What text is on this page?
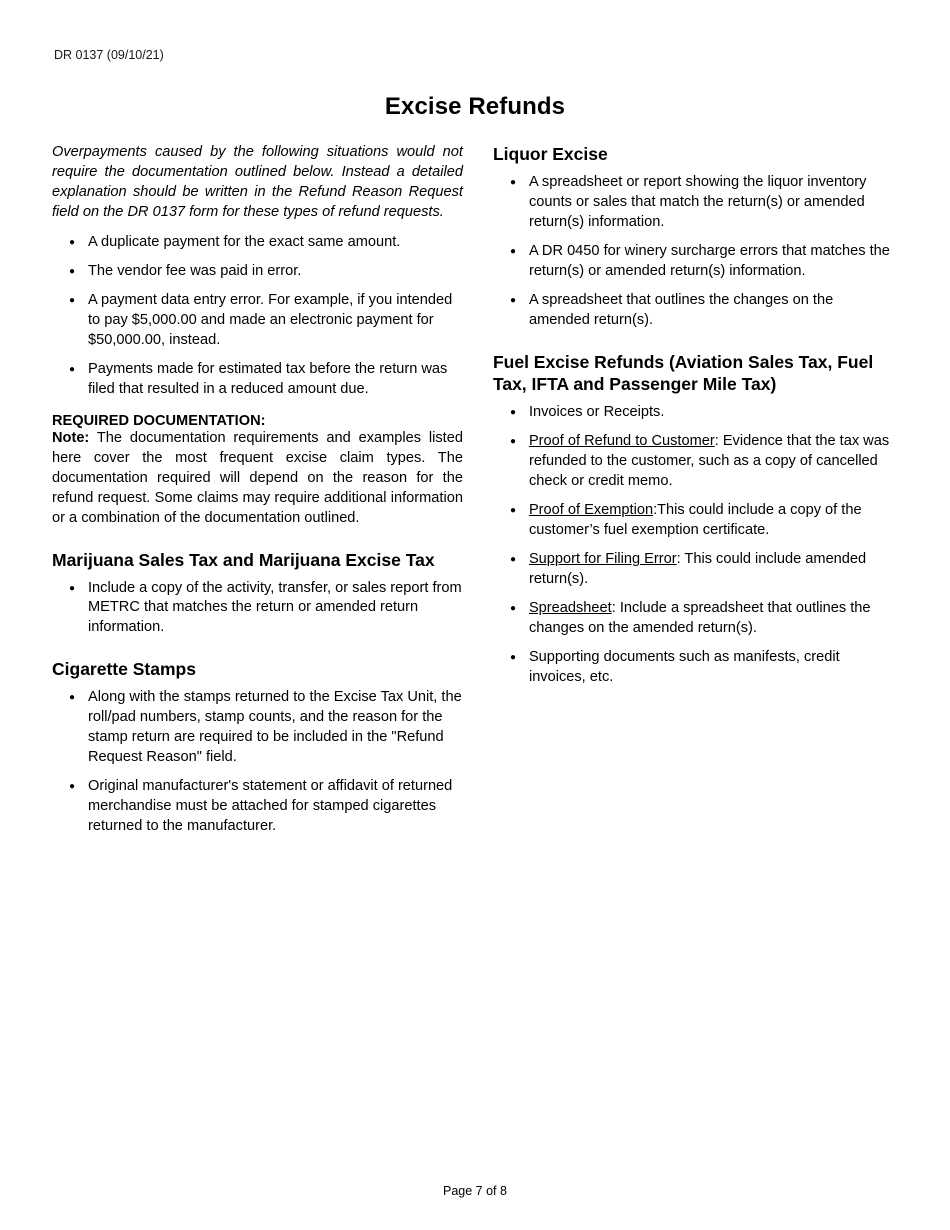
DR 0137 (09/10/21)
Excise Refunds

Overpayments caused by the following situations would not require the documentation outlined below. Instead a detailed explanation should be written in the Refund Reason Request field on the DR 0137 form for these types of refund requests.

● A duplicate payment for the exact same amount.
● The vendor fee was paid in error.
● A payment data entry error. For example, if you intended to pay $5,000.00 and made an electronic payment for $50,000.00, instead.
● Payments made for estimated tax before the return was filed that resulted in a reduced amount due.

REQUIRED DOCUMENTATION:

Note: The documentation requirements and examples listed here cover the most frequent excise claim types. The documentation required will depend on the reason for the refund request. Some claims may require additional information or a combination of the documentation outlined.

Marijuana Sales Tax and Marijuana Excise Tax
● Include a copy of the activity, transfer, or sales report from METRC that matches the return or amended return information.
Cigarette Stamps
● Along with the stamps returned to the Excise Tax Unit, the roll/pad numbers, stamp counts, and the reason for the stamp return are required to be included in the "Refund Request Reason" field.
● Original manufacturer's statement or affidavit of returned merchandise must be attached for stamped cigarettes returned to the manufacturer.
Liquor Excise
● A spreadsheet or report showing the liquor inventory counts or sales that match the return(s) or amended return(s) information.
● A DR 0450 for winery surcharge errors that matches the return(s) or amended return(s) information.
● A spreadsheet that outlines the changes on the amended return(s).
Fuel Excise Refunds (Aviation Sales Tax, Fuel Tax, IFTA and Passenger Mile Tax)
● Invoices or Receipts.
● Proof of Refund to Customer: Evidence that the tax was refunded to the customer, such as a copy of cancelled check or credit memo.
● Proof of Exemption:This could include a copy of the customer’s fuel exemption certificate.
● Support for Filing Error: This could include amended return(s).
● Spreadsheet: Include a spreadsheet that outlines the changes on the amended return(s).
● Supporting documents such as manifests, credit invoices, etc.
Page 7 of 8
